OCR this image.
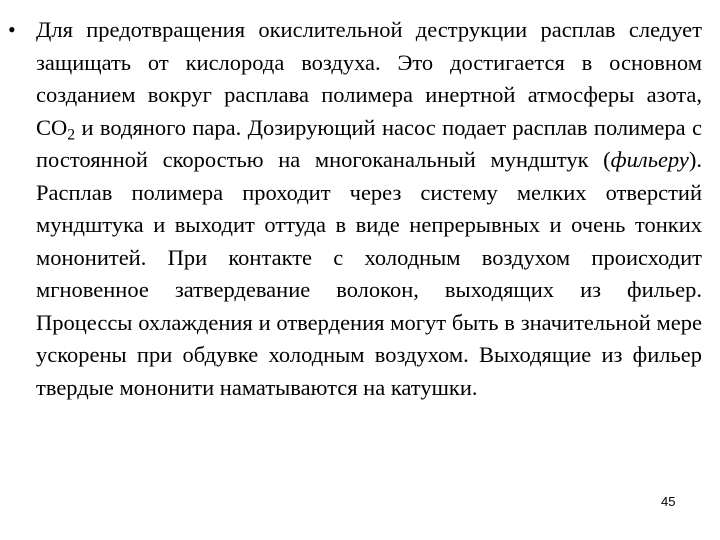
• Для предотвращения окислительной деструкции расплав следует защищать от кислорода воздуха. Это достигается в основном созданием вокруг расплава полимера инертной атмосферы азота, $CO_2$ и водяного пара. Дозирующий насос подает расплав полимера с постоянной скоростью на многоканальный мундштук (фильеру). Расплав полимера проходит через систему мелких отверстий мундштука и выходит оттуда в виде непрерывных и очень тонких мононитей. При контакте с холодным воздухом происходит мгновенное затвердевание волокон, выходящих из фильер. Процессы охлаждения и отвердения могут быть в значительной мере ускорены при обдувке холодным воздухом. Выходящие из фильер твердые мононити наматываются на катушки.

45
